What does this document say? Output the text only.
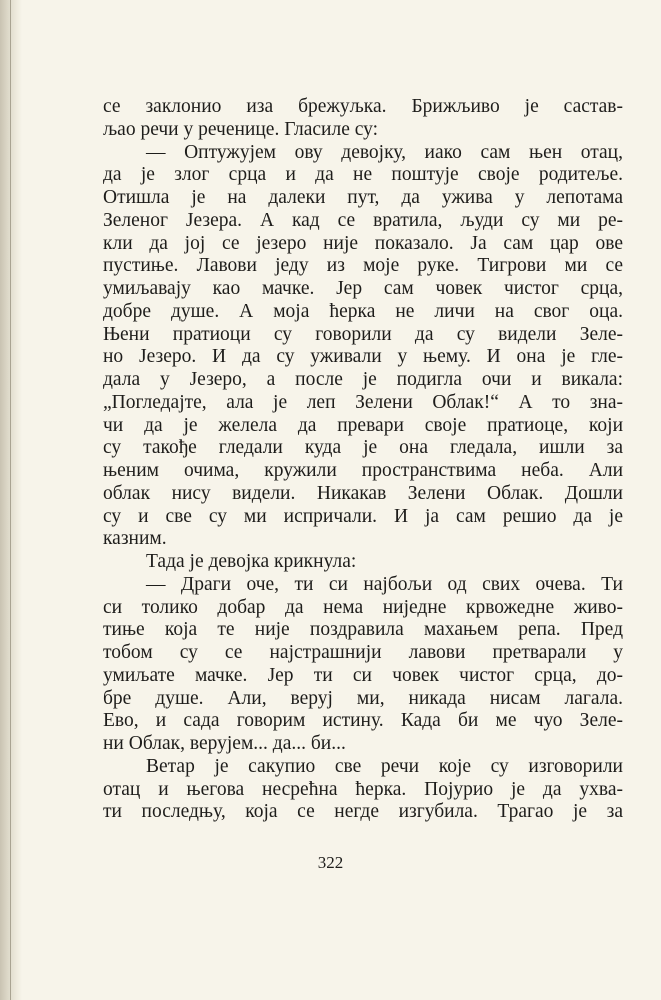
се заклонио иза брежуљка. Брижљиво је састав-
љао речи у реченице. Гласиле су:
— Оптужујем ову девојку, иако сам њен отац,
да је злог срца и да не поштује своје родитеље.
Отишла је на далеки пут, да ужива у лепотама
Зеленог Језера. А кад се вратила, људи су ми ре-
кли да јој се језеро није показало. Ја сам цар ове
пустиње. Лавови једу из моје руке. Тигрови ми се
умиљавају као мачке. Јер сам човек чистог срца,
добре душе. А моја ћерка не личи на свог оца.
Њени пратиоци су говорили да су видели Зеле-
но Језеро. И да су уживали у њему. И она је гле-
дала у Језеро, а после је подигла очи и викала:
„Погледајте, ала је леп Зелени Облак!“ А то зна-
чи да је желела да превари своје пратиоце, који
су такође гледали куда је она гледала, ишли за
њеним очима, кружили пространствима неба. Али
облак нису видели. Никакав Зелени Облак. Дошли
су и све су ми испричали. И ја сам решио да је
казним.
Тада је девојка крикнула:
— Драги оче, ти си најбољи од свих очева. Ти
си толико добар да нема ниједне крвожедне живо-
тиње која те није поздравила махањем репа. Пред
тобом су се најстрашнији лавови претварали у
умиљате мачке. Јер ти си човек чистог срца, до-
бре душе. Али, веруј ми, никада нисам лагала.
Ево, и сада говорим истину. Када би ме чуо Зеле-
ни Облак, верујем... да... би...
Ветар је сакупио све речи које су изговорили
отац и његова несрећна ћерка. Појурио је да ухва-
ти последњу, која се негде изгубила. Трагао је за
322
